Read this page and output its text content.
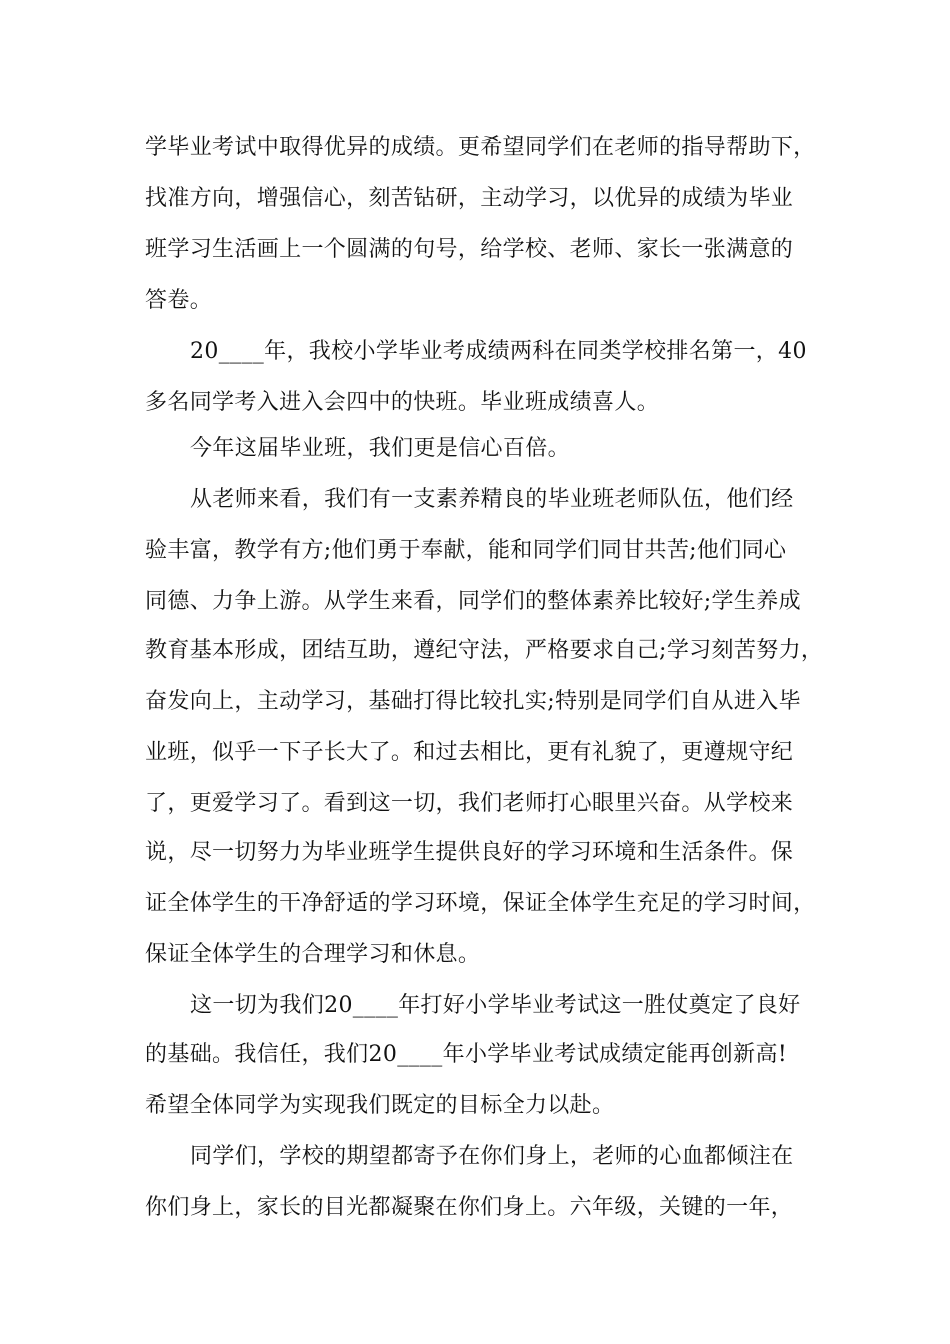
学毕业考试中取得优异的成绩。更希望同学们在老师的指导帮助下，
找准方向，增强信心，刻苦钻研，主动学习，以优异的成绩为毕业
班学习生活画上一个圆满的句号，给学校、老师、家长一张满意的
答卷。
20____年，我校小学毕业考成绩两科在同类学校排名第一，40
多名同学考入进入会四中的快班。毕业班成绩喜人。
今年这届毕业班，我们更是信心百倍。
从老师来看，我们有一支素养精良的毕业班老师队伍，他们经
验丰富，教学有方;他们勇于奉献，能和同学们同甘共苦;他们同心
同德、力争上游。从学生来看，同学们的整体素养比较好;学生养成
教育基本形成，团结互助，遵纪守法，严格要求自己;学习刻苦努力，
奋发向上，主动学习，基础打得比较扎实;特别是同学们自从进入毕
业班，似乎一下子长大了。和过去相比，更有礼貌了，更遵规守纪
了，更爱学习了。看到这一切，我们老师打心眼里兴奋。从学校来
说，尽一切努力为毕业班学生提供良好的学习环境和生活条件。保
证全体学生的干净舒适的学习环境，保证全体学生充足的学习时间，
保证全体学生的合理学习和休息。
这一切为我们20____年打好小学毕业考试这一胜仗奠定了良好
的基础。我信任，我们20____年小学毕业考试成绩定能再创新高!
希望全体同学为实现我们既定的目标全力以赴。
同学们，学校的期望都寄予在你们身上，老师的心血都倾注在
你们身上，家长的目光都凝聚在你们身上。六年级，关键的一年，
